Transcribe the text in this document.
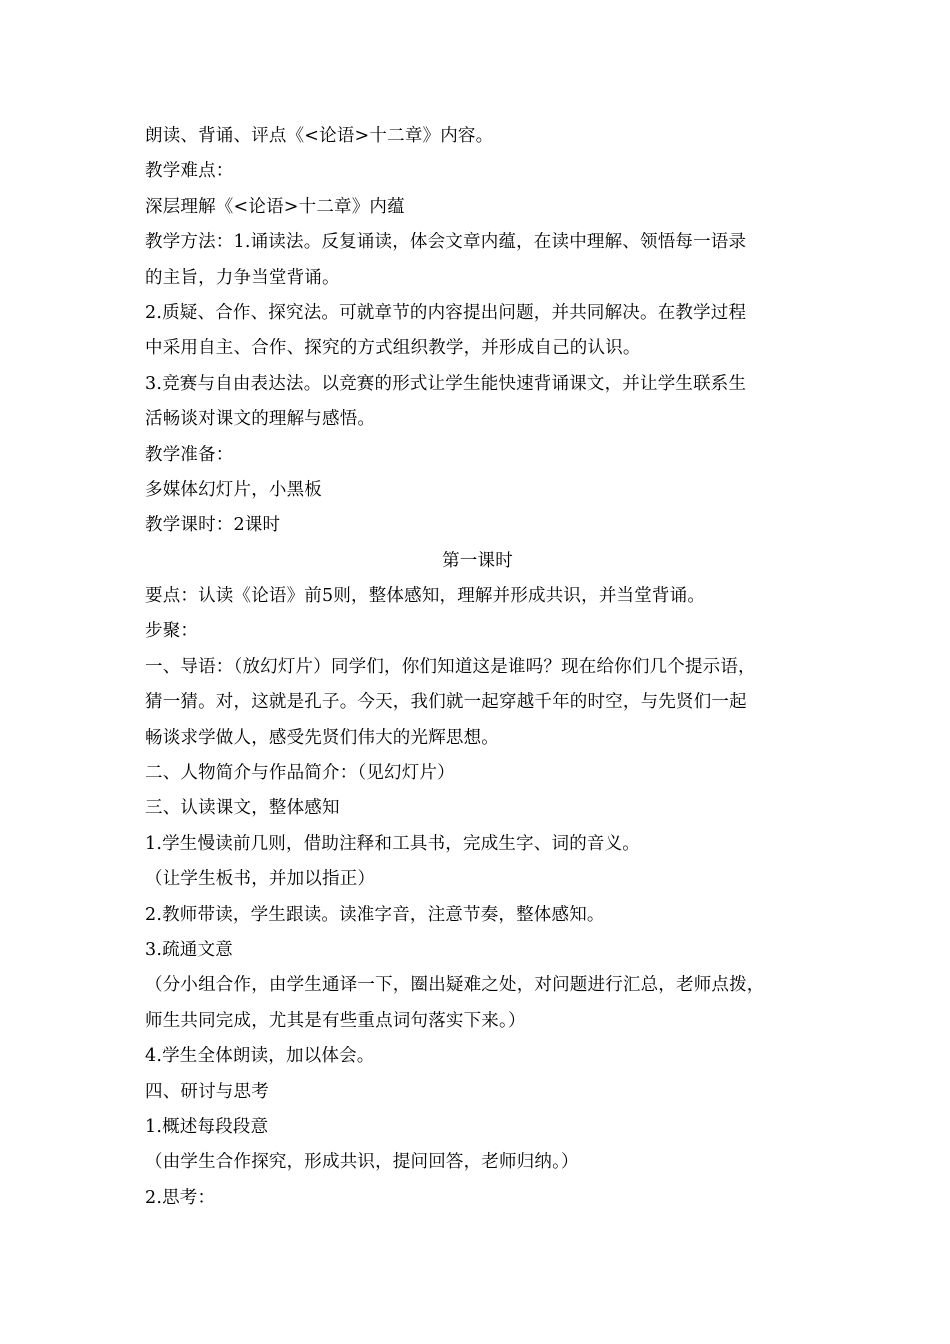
朗读、背诵、评点《<论语>十二章》内容。
教学难点：
深层理解《<论语>十二章》内蕴
教学方法：1.诵读法。反复诵读，体会文章内蕴，在读中理解、领悟每一语录
的主旨，力争当堂背诵。
2.质疑、合作、探究法。可就章节的内容提出问题，并共同解决。在教学过程
中采用自主、合作、探究的方式组织教学，并形成自己的认识。
3.竞赛与自由表达法。以竞赛的形式让学生能快速背诵课文，并让学生联系生
活畅谈对课文的理解与感悟。
教学准备：
多媒体幻灯片，小黑板
教学课时：2课时
第一课时
要点：认读《论语》前5则，整体感知，理解并形成共识，并当堂背诵。
步聚：
一、导语：（放幻灯片）同学们，你们知道这是谁吗？现在给你们几个提示语，
猜一猜。对，这就是孔子。今天，我们就一起穿越千年的时空，与先贤们一起
畅谈求学做人，感受先贤们伟大的光辉思想。
二、人物简介与作品简介：（见幻灯片）
三、认读课文，整体感知
1.学生慢读前几则，借助注释和工具书，完成生字、词的音义。
（让学生板书，并加以指正）
2.教师带读，学生跟读。读准字音，注意节奏，整体感知。
3.疏通文意
（分小组合作，由学生通译一下，圈出疑难之处，对问题进行汇总，老师点拨，
师生共同完成，尤其是有些重点词句落实下来。）
4.学生全体朗读，加以体会。
四、研讨与思考
1.概述每段段意
（由学生合作探究，形成共识，提问回答，老师归纳。）
2.思考：
